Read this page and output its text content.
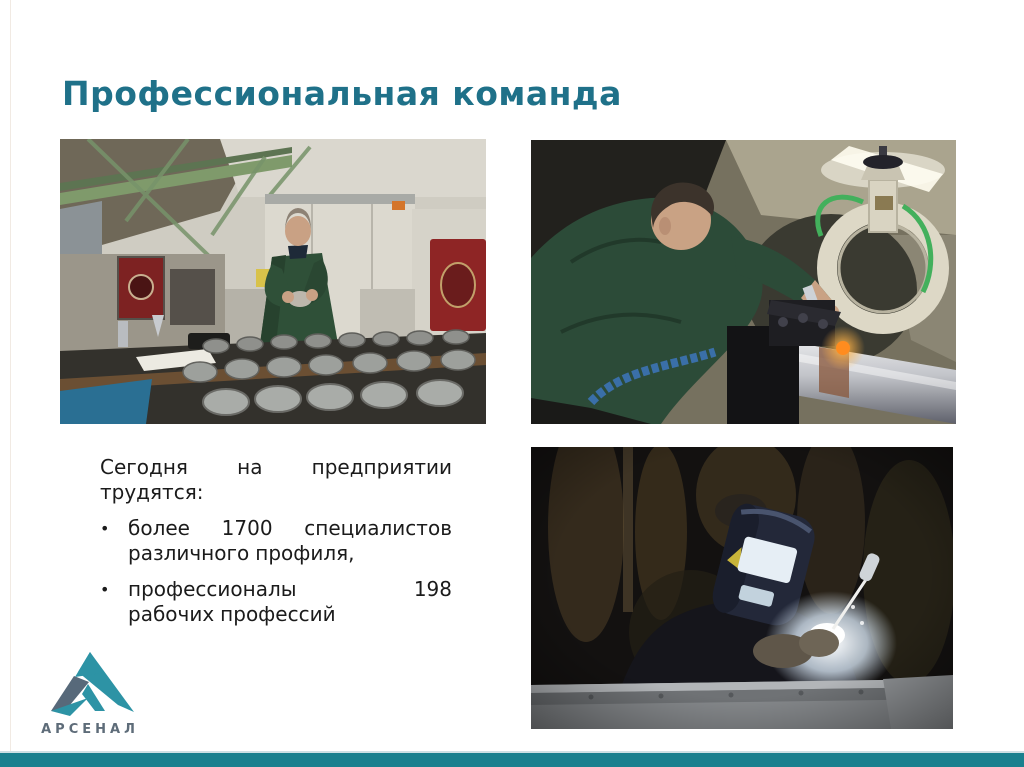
Профессиональная команда
Сегодня на предприятии
трудятся:
• более 1700 специалистов
различного профиля,
• профессионалы	198
рабочих профессий
АРСЕНАЛ
